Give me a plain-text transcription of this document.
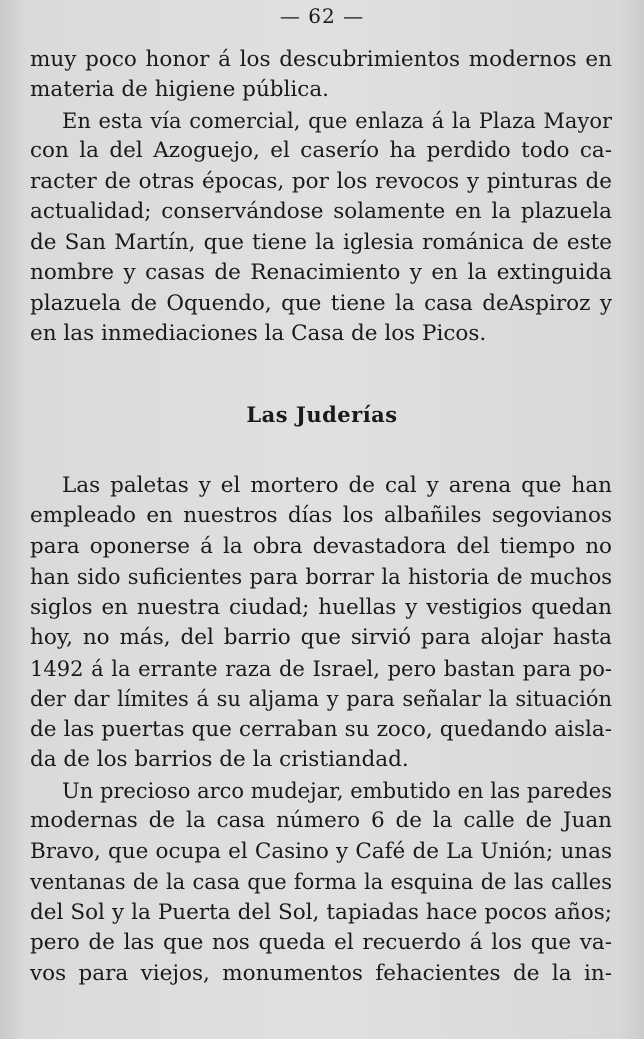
— 62 —

muy poco honor á los descubrimientos modernos en

materia de higiene pública.

En esta vía comercial, que enlaza á la Plaza Mayor

con la del Azoguejo, el caserío ha perdido todo ca-

racter de otras épocas, por los revocos y pinturas de

actualidad; conservándose solamente en la plazuela

de San Martín, que tiene la iglesia románica de este

nombre y casas de Renacimiento y en la extinguida

plazuela de Oquendo, que tiene la casa deAspiroz y

en las inmediaciones la Casa de los Picos.

Las Juderías

Las paletas y el mortero de cal y arena que han

empleado en nuestros días los albañiles segovianos

para oponerse á la obra devastadora del tiempo no

han sido suficientes para borrar la historia de muchos

siglos en nuestra ciudad; huellas y vestigios quedan

hoy, no más, del barrio que sirvió para alojar hasta

1492 á la errante raza de Israel, pero bastan para po-

der dar límites á su aljama y para señalar la situación

de las puertas que cerraban su zoco, quedando aisla-

da de los barrios de la cristiandad.

Un precioso arco mudejar, embutido en las paredes

modernas de la casa número 6 de la calle de Juan

Bravo, que ocupa el Casino y Café de La Unión; unas

ventanas de la casa que forma la esquina de las calles

del Sol y la Puerta del Sol, tapiadas hace pocos años;

pero de las que nos queda el recuerdo á los que va-

vos para viejos, monumentos fehacientes de la in-
